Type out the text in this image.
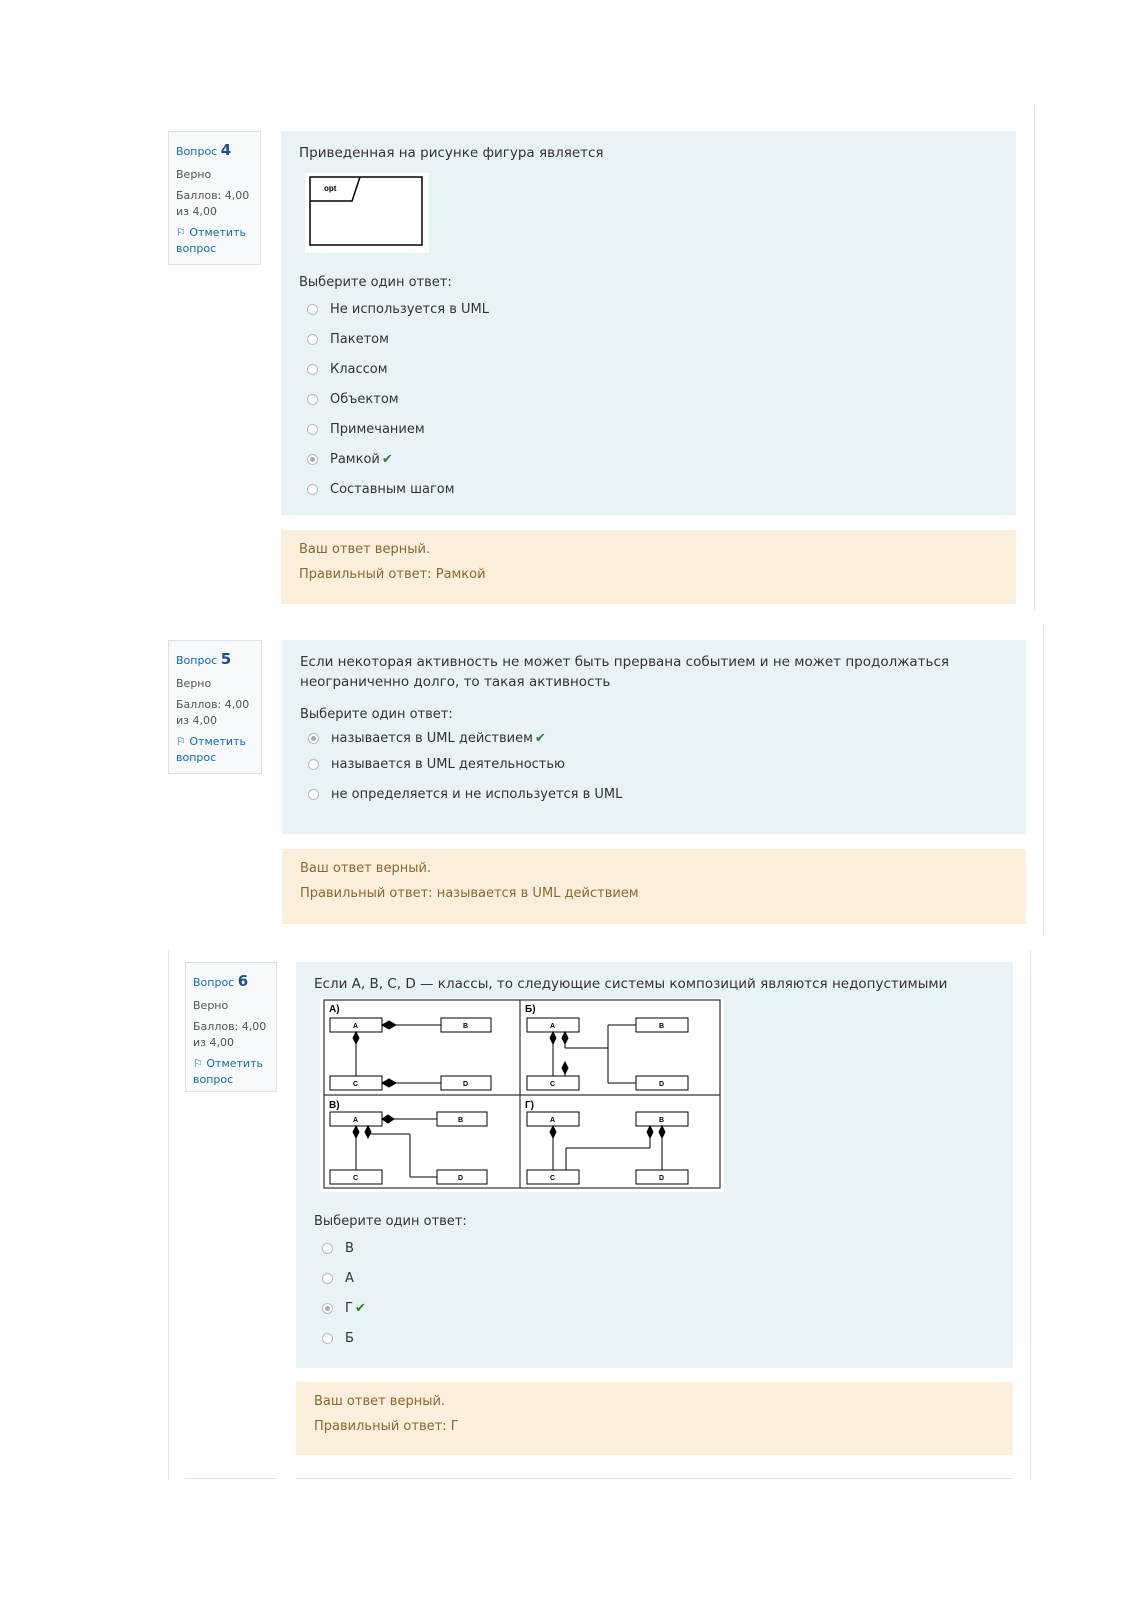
Вопрос 4
Верно
Баллов: 4,00 из 4,00
⚐ Отметить вопрос
Приведенная на рисунке фигура является
opt
Выберите один ответ:
Не используется в UML
Пакетом
Классом
Объектом
Примечанием
Рамкой ✔
Составным шагом
Ваш ответ верный.
Правильный ответ: Рамкой
Вопрос 5
Верно
Баллов: 4,00 из 4,00
⚐ Отметить вопрос
Если некоторая активность не может быть прервана событием и не может продолжаться
неограниченно долго, то такая активность
Выберите один ответ:
называется в UML действием ✔
называется в UML деятельностью
не определяется и не используется в UML
Ваш ответ верный.
Правильный ответ: называется в UML действием
Вопрос 6
Верно
Баллов: 4,00 из 4,00
⚐ Отметить вопрос
Если A, B, C, D — классы, то следующие системы композиций являются недопустимыми
А)	Б)
В)	Г)
A	B
C	D
A	B
C	D
A	B
C	D
A	B
C	D
Выберите один ответ:
В
А
Г ✔
Б
Ваш ответ верный.
Правильный ответ: Г
